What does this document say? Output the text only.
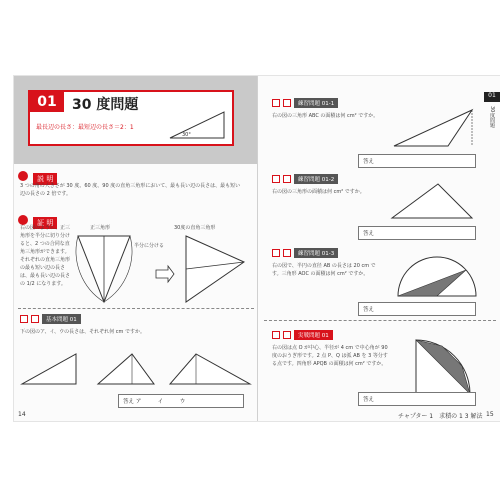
01	30 度問題
最長辺の長さ：最短辺の長さ＝2：1
30°
説 明
3 つの角の大きさが 30 度、60 度、90 度の直角三角形において、最も長い辺の長さは、最も短い辺の長さの 2 倍です。
証 明
右の図のように、正三角形を半分に切り分けると、2 つの合同な直角三角形ができます。それぞれの直角三角形の最も短い辺の長さは、最も長い辺の長さの 1/2 になります。
正三角形
半分に分ける
30度の直角三角形
基本問題 01
下の図のア、イ、ウの長さは、それぞれ何 cm ですか。
答え ア　　　イ　　　ウ
14
01
30度問題
練習問題 01-1
右の図の三角形 ABC の面積は何 cm² ですか。
答え
練習問題 01-2
右の図の三角形の面積は何 cm² ですか。
答え
練習問題 01-3
右の図で、半円の直径 AB の長さは 20 cm です。三角形 AOC の面積は何 cm² ですか。
答え
実戦問題 01
右の図は点 O が中心、半径が 4 cm で中心角が 90 度のおうぎ形です。2 点 P、Q は弧 AB を 3 等分する点です。四角形 APQB の面積は何 cm² ですか。
答え
チャプター 1　求積の 1 3 解法 15
